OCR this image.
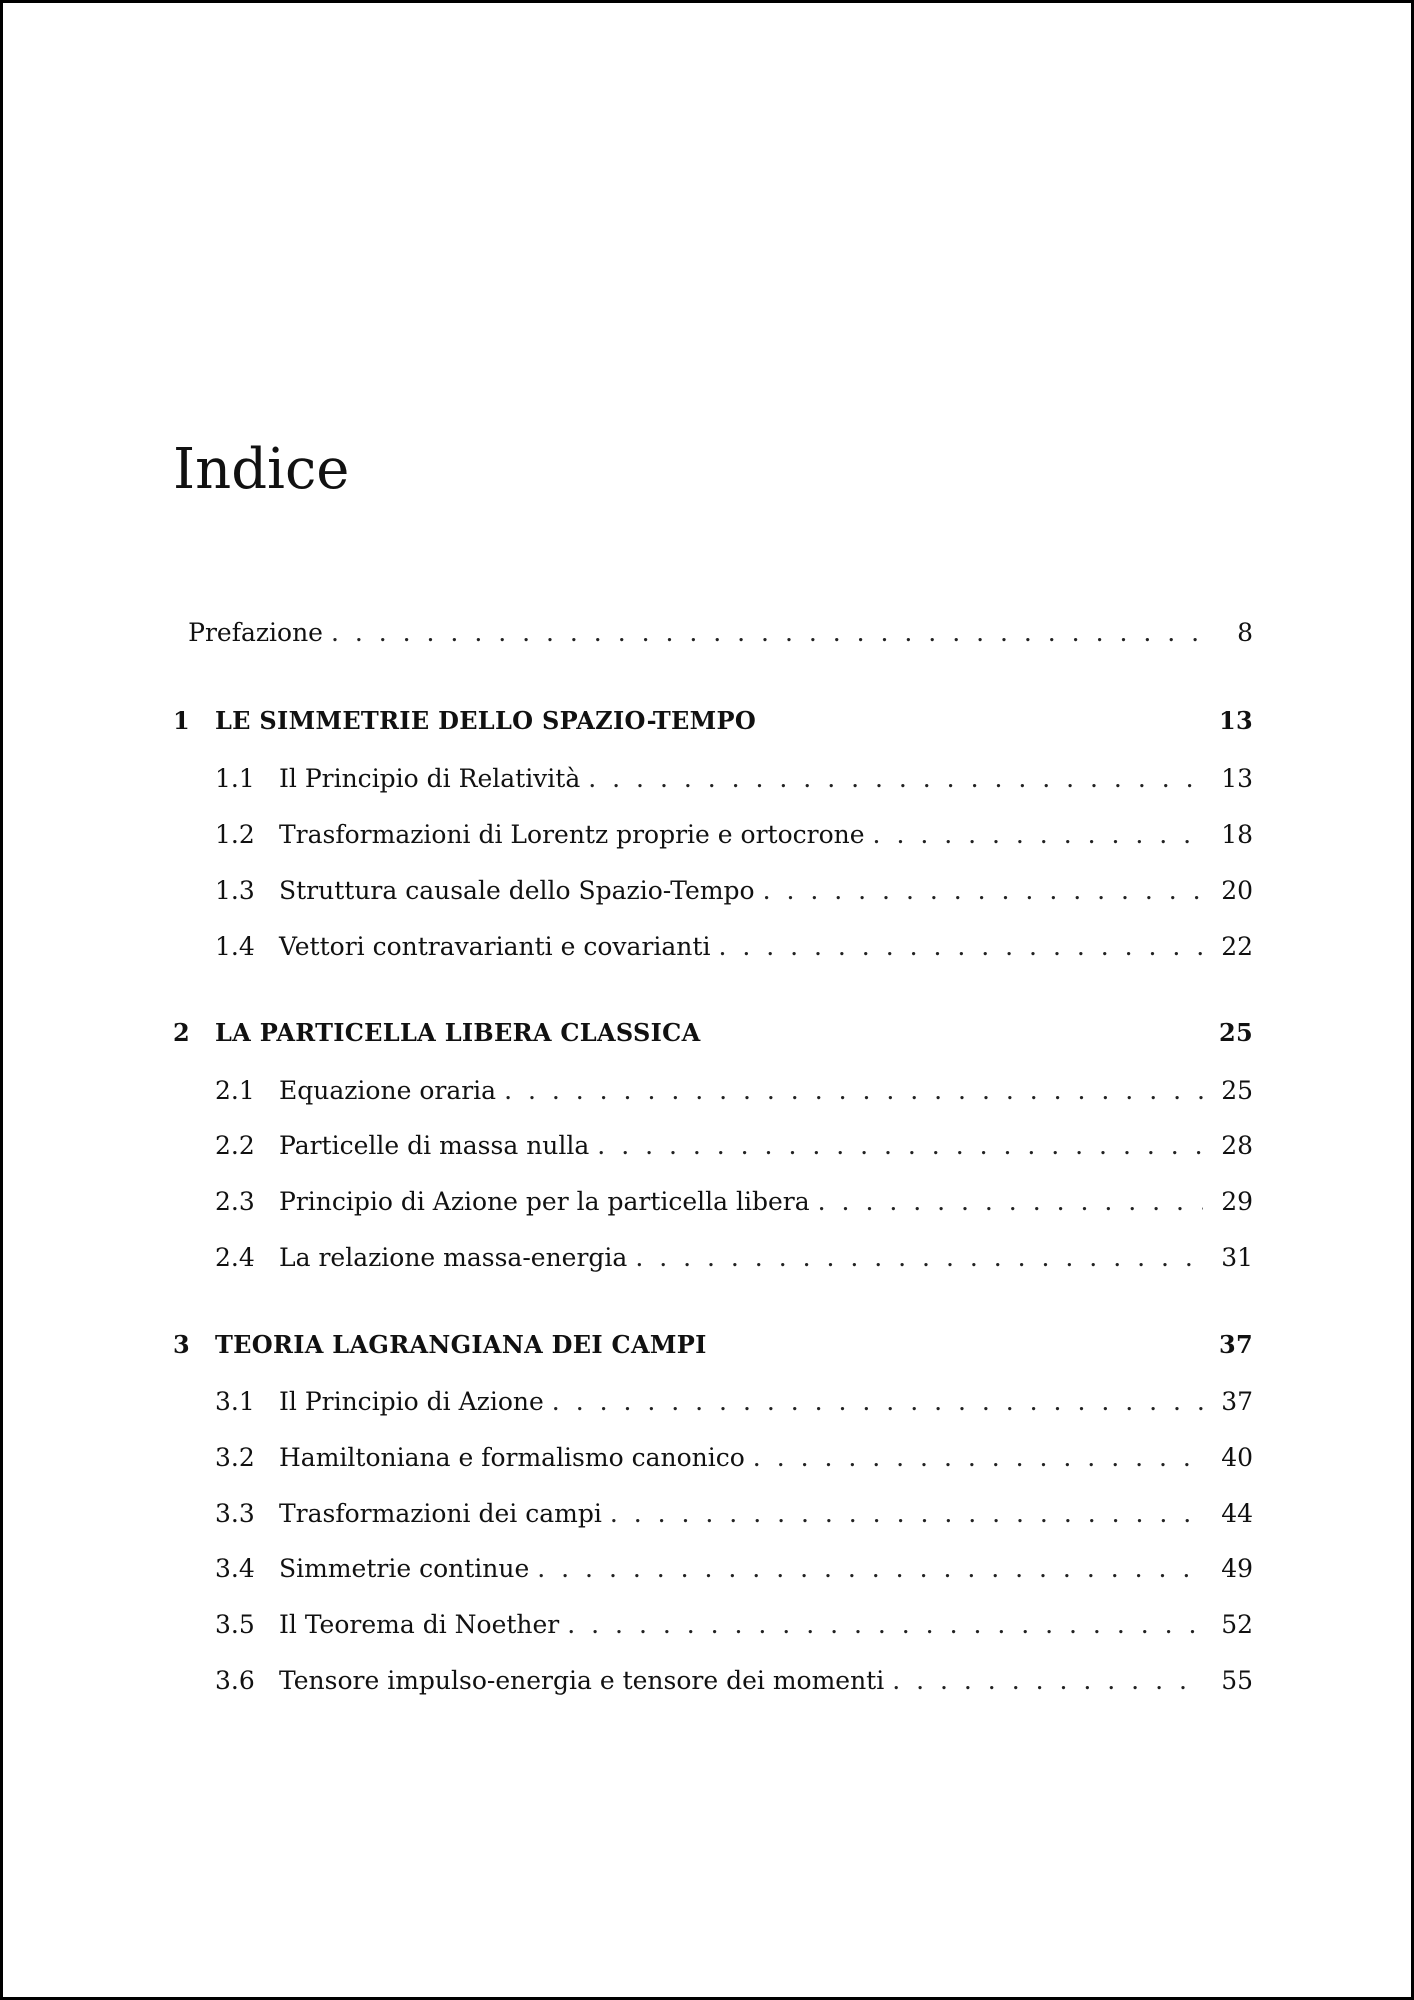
Indice
Prefazione . . .	8
1	LE SIMMETRIE DELLO SPAZIO-TEMPO	13
1.1 Il Principio di Relatività . . .	13
1.2 Trasformazioni di Lorentz proprie e ortocrone . . .	18
1.3 Struttura causale dello Spazio-Tempo . . .	20
1.4 Vettori contravarianti e covarianti . . .	22
2	LA PARTICELLA LIBERA CLASSICA	25
2.1 Equazione oraria . . .	25
2.2 Particelle di massa nulla . . .	28
2.3 Principio di Azione per la particella libera . . .	29
2.4 La relazione massa-energia . . .	31
3	TEORIA LAGRANGIANA DEI CAMPI	37
3.1 Il Principio di Azione . . .	37
3.2 Hamiltoniana e formalismo canonico . . .	40
3.3 Trasformazioni dei campi . . .	44
3.4 Simmetrie continue . . .	49
3.5 Il Teorema di Noether . . .	52
3.6 Tensore impulso-energia e tensore dei momenti . . .	55
